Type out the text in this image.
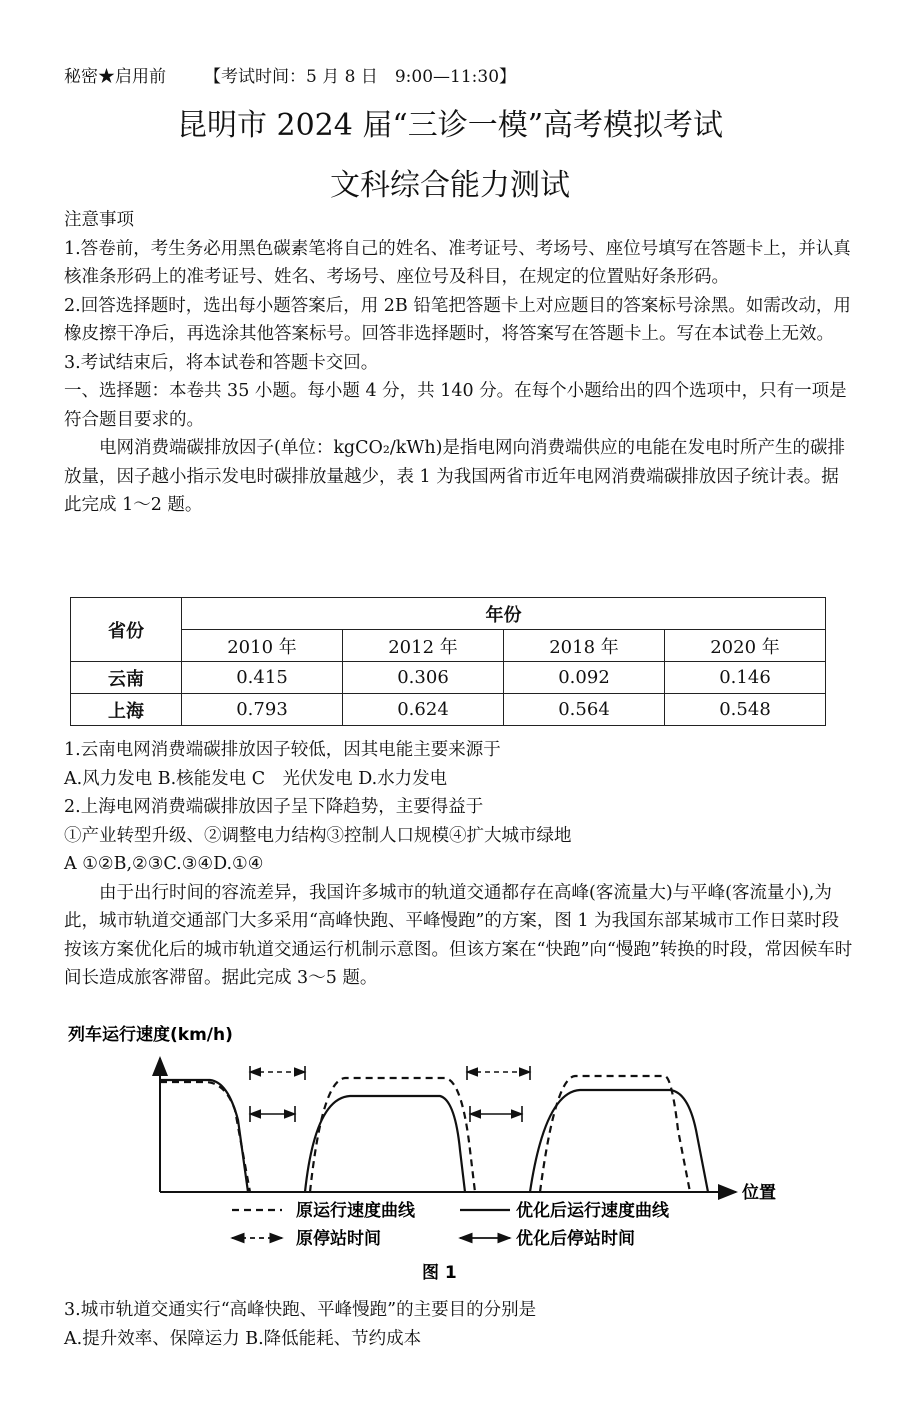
秘密★启用前 【考试时间：5 月 8 日　9:00—11:30】
昆明市 2024 届“三诊一模”高考模拟考试
文科综合能力测试

注意事项

1.答卷前，考生务必用黑色碳素笔将自己的姓名、准考证号、考场号、座位号填写在答题卡上，并认真核准条形码上的准考证号、姓名、考场号、座位号及科目，在规定的位置贴好条形码。

2.回答选择题时，选出每小题答案后，用 2B 铅笔把答题卡上对应题目的答案标号涂黑。如需改动，用橡皮擦干净后，再选涂其他答案标号。回答非选择题时，将答案写在答题卡上。写在本试卷上无效。

3.考试结束后，将本试卷和答题卡交回。

一、选择题：本卷共 35 小题。每小题 4 分，共 140 分。在每个小题给出的四个选项中，只有一项是符合题目要求的。

电网消费端碳排放因子(单位：kgCO₂/kWh)是指电网向消费端供应的电能在发电时所产生的碳排放量，因子越小指示发电时碳排放量越少，表 1 为我国两省市近年电网消费端碳排放因子统计表。据此完成 1～2 题。

省份	年份			
	2010 年	2012 年	2018 年	2020 年
云南	0.415	0.306	0.092	0.146
上海	0.793	0.624	0.564	0.548

1.云南电网消费端碳排放因子较低，因其电能主要来源于

A.风力发电 B.核能发电 C　光伏发电 D.水力发电

2.上海电网消费端碳排放因子呈下降趋势，主要得益于

①产业转型升级、②调整电力结构③控制人口规模④扩大城市绿地

A ①②B,②③C.③④D.①④

由于出行时间的容流差异，我国许多城市的轨道交通都存在高峰(客流量大)与平峰(客流量小),为此，城市轨道交通部门大多采用“高峰快跑、平峰慢跑”的方案，图 1 为我国东部某城市工作日菜时段按该方案优化后的城市轨道交通运行机制示意图。但该方案在“快跑”向“慢跑”转换的时段，常因候车时间长造成旅客滞留。据此完成 3～5 题。

列车运行速度(km/h)
位置
原运行速度曲线	优化后运行速度曲线
原停站时间	优化后停站时间
图 1

3.城市轨道交通实行“高峰快跑、平峰慢跑”的主要目的分别是

A.提升效率、保障运力 B.降低能耗、节约成本
